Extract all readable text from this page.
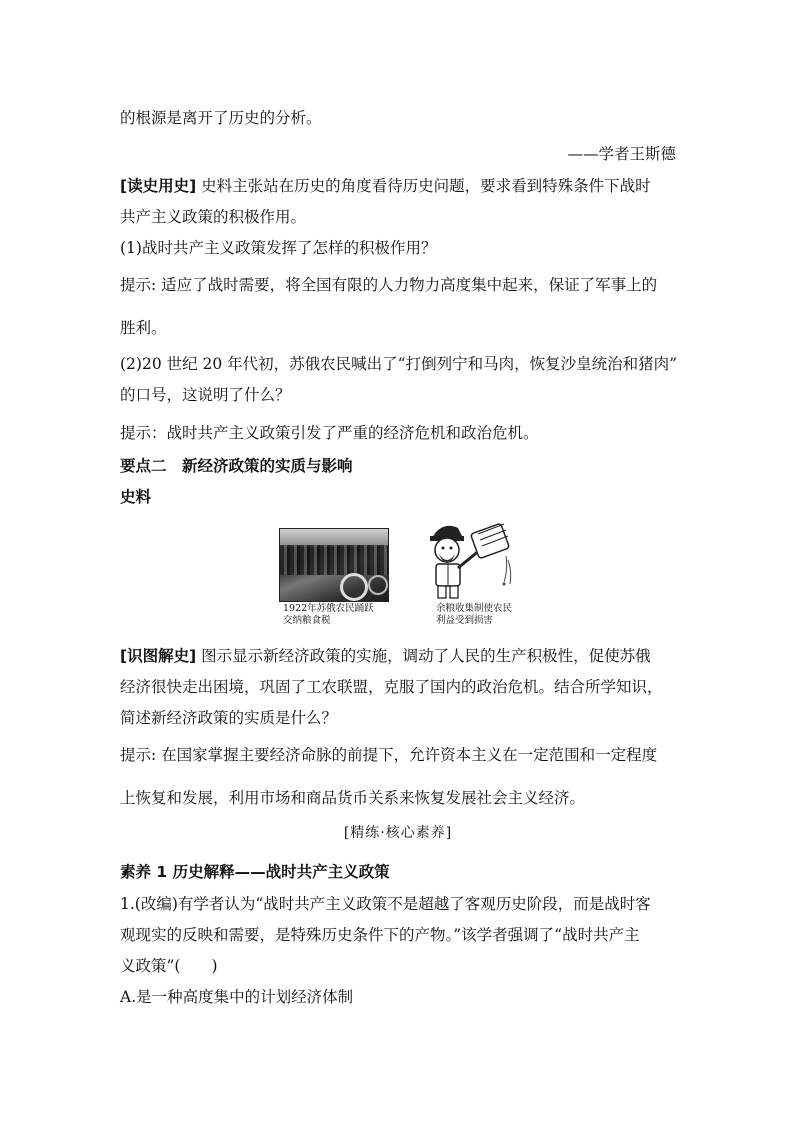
的根源是离开了历史的分析。
——学者王斯德
[读史用史] 史料主张站在历史的角度看待历史问题，要求看到特殊条件下战时
共产主义政策的积极作用。
(1)战时共产主义政策发挥了怎样的积极作用？
提示: 适应了战时需要，将全国有限的人力物力高度集中起来，保证了军事上的
胜利。
(2)20 世纪 20 年代初，苏俄农民喊出了“打倒列宁和马肉，恢复沙皇统治和猪肉”
的口号，这说明了什么？
提示：战时共产主义政策引发了严重的经济危机和政治危机。
要点二　新经济政策的实质与影响
史料
1922年苏俄农民踊跃
交纳粮食税
余粮收集制使农民
利益受到损害
[识图解史] 图示显示新经济政策的实施，调动了人民的生产积极性，促使苏俄
经济很快走出困境，巩固了工农联盟，克服了国内的政治危机。结合所学知识，
简述新经济政策的实质是什么？
提示: 在国家掌握主要经济命脉的前提下，允许资本主义在一定范围和一定程度
上恢复和发展，利用市场和商品货币关系来恢复发展社会主义经济。
[精练·核心素养]
素养 1 历史解释——战时共产主义政策
1.(改编)有学者认为“战时共产主义政策不是超越了客观历史阶段，而是战时客
观现实的反映和需要，是特殊历史条件下的产物。”该学者强调了“战时共产主
义政策”(　　)
A.是一种高度集中的计划经济体制
